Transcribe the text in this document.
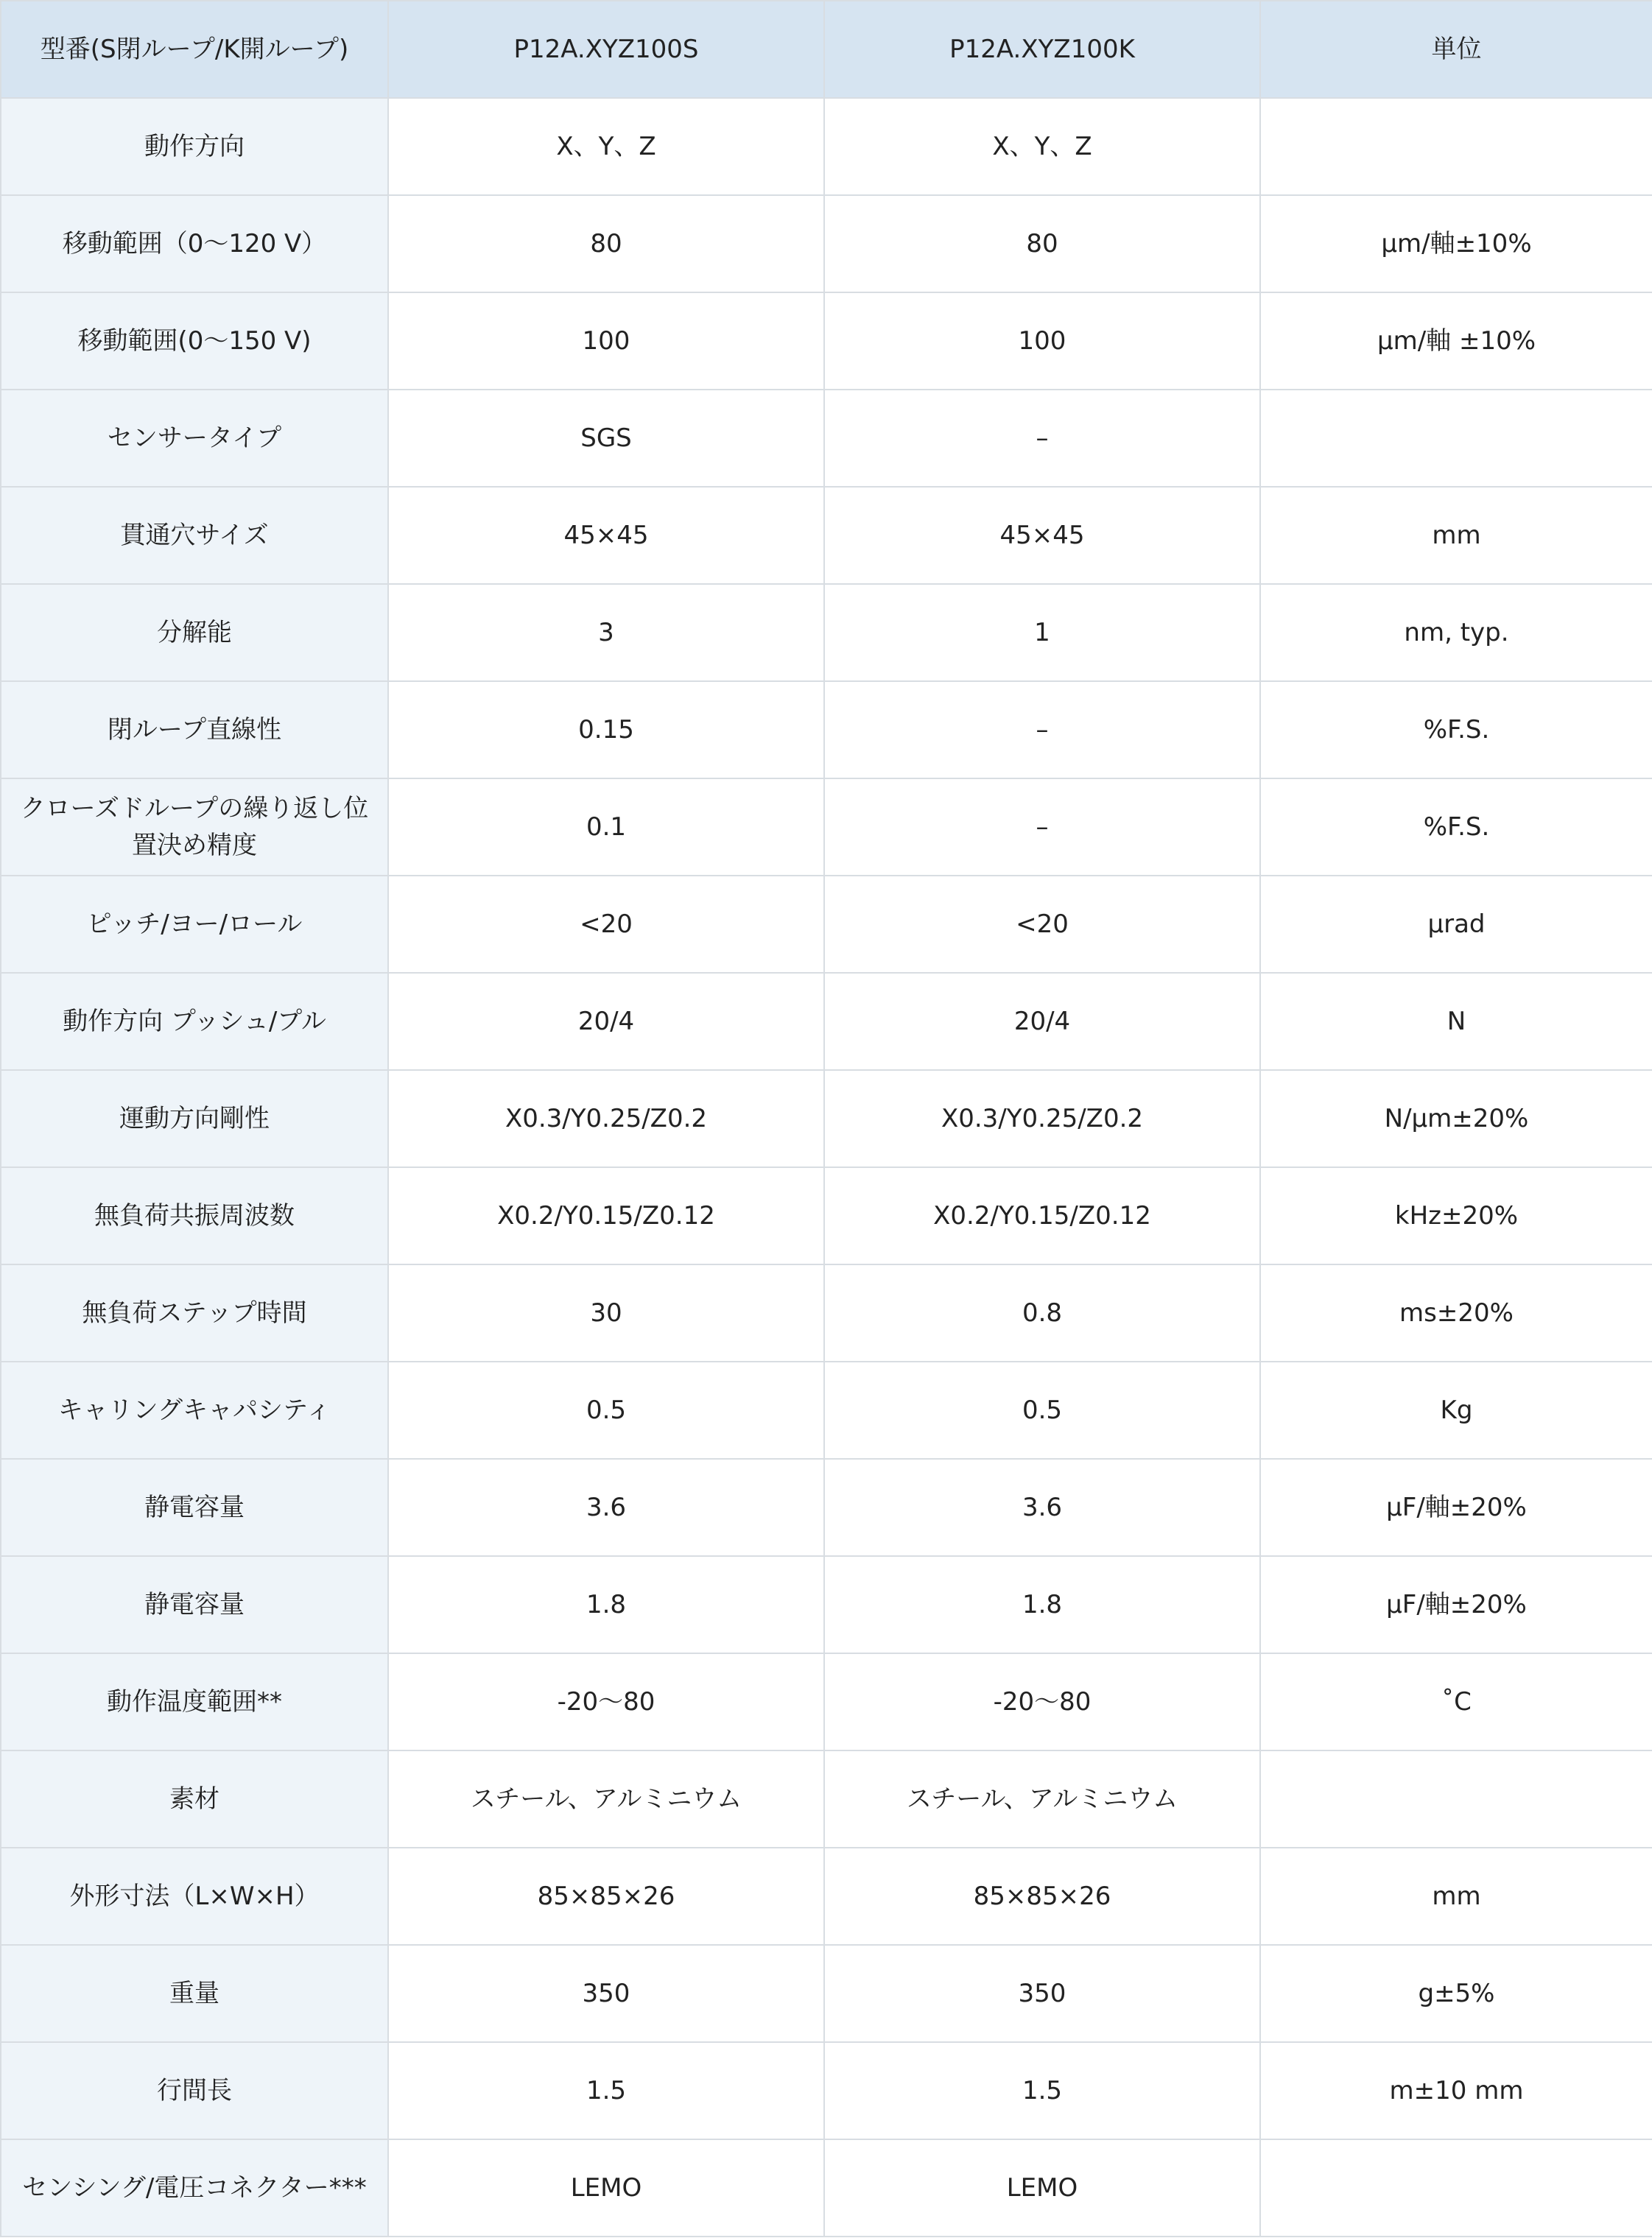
型番(S閉ループ/K開ループ)	P12A.XYZ100S	P12A.XYZ100K	単位
動作方向	X、Y、Z	X、Y、Z	
移動範囲（0～120 V）	80	80	μm/軸±10%
移動範囲(0～150 V)	100	100	μm/軸 ±10%
センサータイプ	SGS	–	
貫通穴サイズ	45×45	45×45	mm
分解能	3	1	nm, typ.
閉ループ直線性	0.15	–	%F.S.
クローズドループの繰り返し位置決め精度	0.1	–	%F.S.
ピッチ/ヨー/ロール	<20	<20	μrad
動作方向 プッシュ/プル	20/4	20/4	N
運動方向剛性	X0.3/Y0.25/Z0.2	X0.3/Y0.25/Z0.2	N/μm±20%
無負荷共振周波数	X0.2/Y0.15/Z0.12	X0.2/Y0.15/Z0.12	kHz±20%
無負荷ステップ時間	30	0.8	ms±20%
キャリングキャパシティ	0.5	0.5	Kg
静電容量	3.6	3.6	μF/軸±20%
静電容量	1.8	1.8	μF/軸±20%
動作温度範囲**	-20～80	-20～80	˚C
素材	スチール、アルミニウム	スチール、アルミニウム	
外形寸法（L×W×H）	85×85×26	85×85×26	mm
重量	350	350	g±5%
行間長	1.5	1.5	m±10 mm
センシング/電圧コネクター***	LEMO	LEMO	
